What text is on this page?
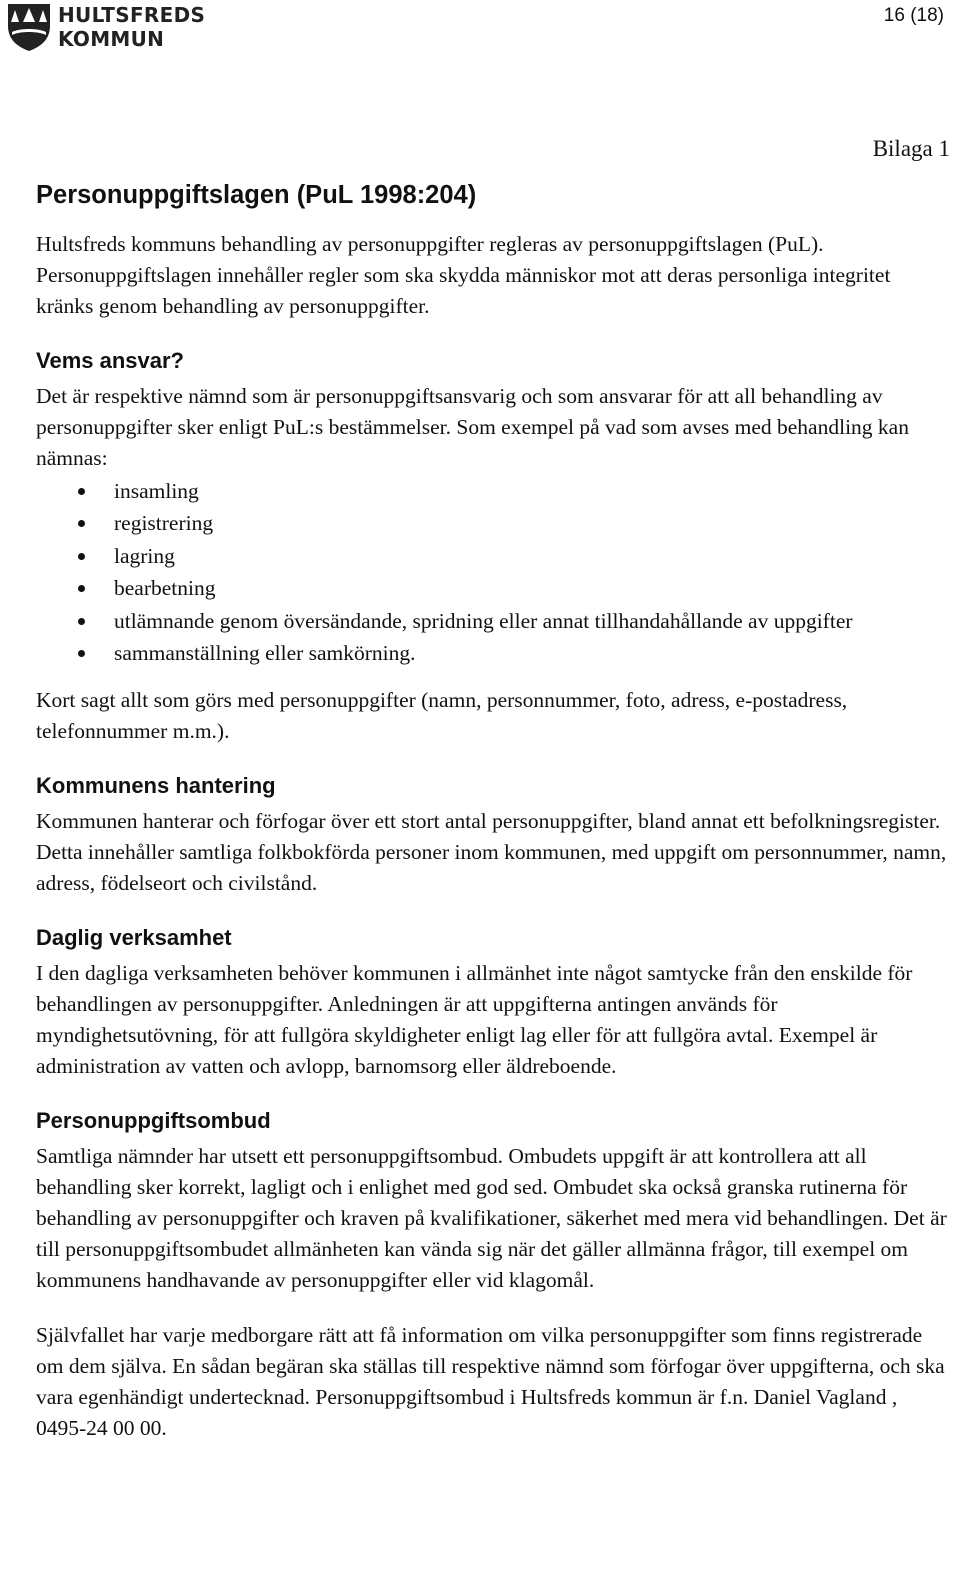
HULTSFREDS
KOMMUN
16 (18)
Bilaga 1
Personuppgiftslagen (PuL 1998:204)

Hultsfreds kommuns behandling av personuppgifter regleras av personuppgiftslagen (PuL). Personuppgiftslagen innehåller regler som ska skydda människor mot att deras personliga integritet kränks genom behandling av personuppgifter.

Vems ansvar?

Det är respektive nämnd som är personuppgiftsansvarig och som ansvarar för att all behandling av personuppgifter sker enligt PuL:s bestämmelser. Som exempel på vad som avses med behandling kan nämnas:

insamling
registrering
lagring
bearbetning
utlämnande genom översändande, spridning eller annat tillhandahållande av uppgifter
sammanställning eller samkörning.

Kort sagt allt som görs med personuppgifter (namn, personnummer, foto, adress, e-postadress, telefonnummer m.m.).

Kommunens hantering

Kommunen hanterar och förfogar över ett stort antal personuppgifter, bland annat ett befolkningsregister. Detta innehåller samtliga folkbokförda personer inom kommunen, med uppgift om personnummer, namn, adress, födelseort och civilstånd.

Daglig verksamhet

I den dagliga verksamheten behöver kommunen i allmänhet inte något samtycke från den enskilde för behandlingen av personuppgifter. Anledningen är att uppgifterna antingen används för myndighetsutövning, för att fullgöra skyldigheter enligt lag eller för att fullgöra avtal. Exempel är administration av vatten och avlopp, barnomsorg eller äldreboende.

Personuppgiftsombud

Samtliga nämnder har utsett ett personuppgiftsombud. Ombudets uppgift är att kontrollera att all behandling sker korrekt, lagligt och i enlighet med god sed. Ombudet ska också granska rutinerna för behandling av personuppgifter och kraven på kvalifikationer, säkerhet med mera vid behandlingen. Det är till personuppgiftsombudet allmänheten kan vända sig när det gäller allmänna frågor, till exempel om kommunens handhavande av personuppgifter eller vid klagomål.

Självfallet har varje medborgare rätt att få information om vilka personuppgifter som finns registrerade om dem själva. En sådan begäran ska ställas till respektive nämnd som förfogar över uppgifterna, och ska vara egenhändigt undertecknad. Personuppgiftsombud i Hultsfreds kommun är f.n. Daniel Vagland , 0495-24 00 00.
